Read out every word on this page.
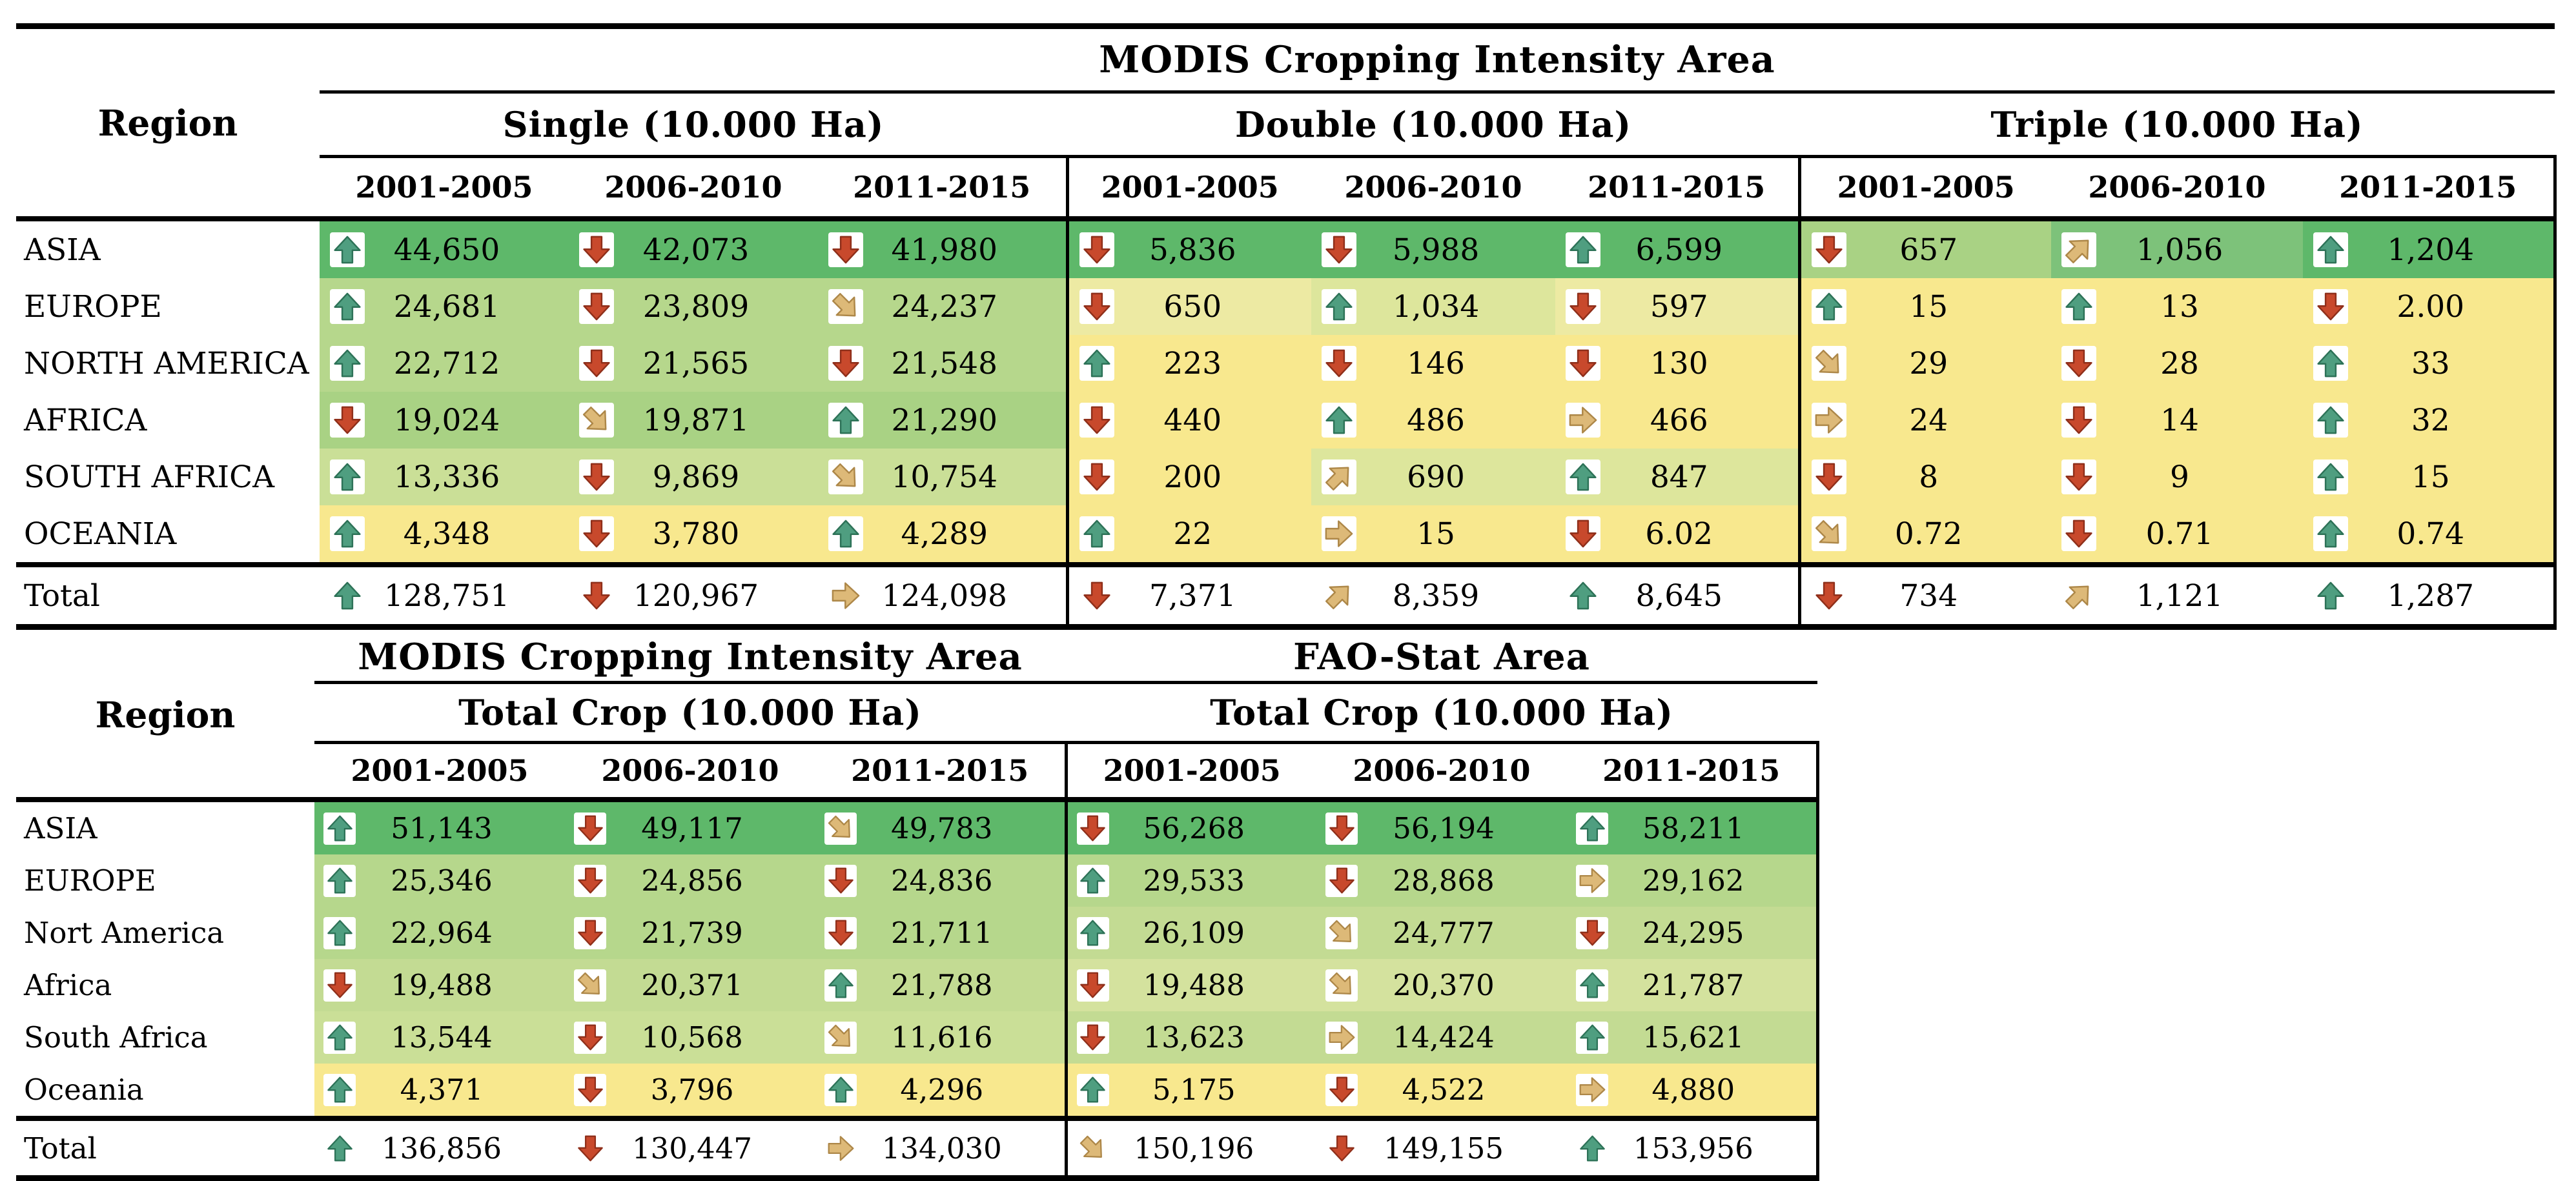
Region	MODIS Cropping Intensity Area								
	Single (10.000 Ha)			Double (10.000 Ha)			Triple (10.000 Ha)		
	2001-2005	2006-2010	2011-2015	2001-2005	2006-2010	2011-2015	2001-2005	2006-2010	2011-2015
ASIA	44,650	42,073	41,980	5,836	5,988	6,599	657	1,056	1,204

EUROPE	24,681	23,809	24,237	650	1,034	597	15	13	2.00

NORTH AMERICA	22,712	21,565	21,548	223	146	130	29	28	33

AFRICA	19,024	19,871	21,290	440	486	466	24	14	32

SOUTH AFRICA	13,336	9,869	10,754	200	690	847	8	9	15

OCEANIA	4,348	3,780	4,289	22	15	6.02	0.72	0.71	0.74

Total	128,751	120,967	124,098	7,371	8,359	8,645	734	1,121	1,287
Region	MODIS Cropping Intensity Area			FAO-Stat Area		
	Total Crop (10.000 Ha)			Total Crop (10.000 Ha)		
	2001-2005	2006-2010	2011-2015	2001-2005	2006-2010	2011-2015
ASIA	51,143	49,117	49,783	56,268	56,194	58,211

EUROPE	25,346	24,856	24,836	29,533	28,868	29,162

Nort America	22,964	21,739	21,711	26,109	24,777	24,295

Africa	19,488	20,371	21,788	19,488	20,370	21,787

South Africa	13,544	10,568	11,616	13,623	14,424	15,621

Oceania	4,371	3,796	4,296	5,175	4,522	4,880

Total	136,856	130,447	134,030	150,196	149,155	153,956
